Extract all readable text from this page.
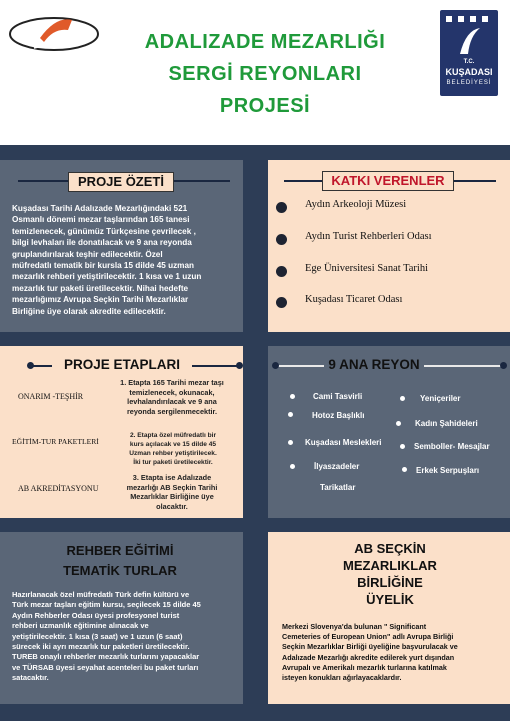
ADALIZADE MEZARLIĞI
SERGİ REYONLARI
PROJESİ
T.C.
KUŞADASI
BELEDİYESİ
PROJE ÖZETİ
Kuşadası Tarihi Adalızade Mezarlığındaki 521
Osmanlı dönemi mezar taşlarından 165 tanesi
temizlenecek, günümüz Türkçesine çevrilecek ,
bilgi levhaları ile donatılacak ve 9 ana reyonda
gruplandırılarak teşhir edilecektir. Özel
müfredatlı tematik bir kursla 15 dilde 45 uzman
mezarlık rehberi yetiştirilecektir. 1 kısa ve 1 uzun
mezarlık tur paketi üretilecektir. Nihai hedefte
mezarlığımız Avrupa Seçkin Tarihi Mezarlıklar
Birliğine üye olarak akredite edilecektir.
KATKI VERENLER
Aydın Arkeoloji Müzesi
Aydın Turist Rehberleri Odası
Ege Üniversitesi Sanat Tarihi
Kuşadası Ticaret Odası
PROJE ETAPLARI
ONARIM -TEŞHİR
1. Etapta 165 Tarihi mezar taşı
temizlenecek, okunacak,
levhalandırılacak ve 9 ana
reyonda sergilenmecektir.
EĞİTİM-TUR PAKETLERİ
2. Etapta özel müfredatlı bir
kurs açılacak ve 15 dilde 45
Uzman rehber yetiştirilecek.
İki tur paketi üretilecektir.
AB AKREDİTASYONU
3. Etapta ise Adalızade
mezarlığı AB Seçkin Tarihi
Mezarlıklar Birliğine üye
olacaktır.
9 ANA REYON
Cami Tasvirli
Hotoz Başlıklı
Kuşadası Meslekleri
İlyaszadeler
Tarikatlar
Yeniçeriler
Kadın Şahideleri
Semboller- Mesajlar
Erkek Serpuşları
REHBER EĞİTİMİ
TEMATİK TURLAR
Hazırlanacak özel müfredatlı Türk defin kültürü ve
Türk mezar taşları eğitim kursu, seçilecek 15 dilde 45
Aydın Rehberler Odası üyesi profesyonel turist
rehberi uzmanlık eğitimine alınacak ve
yetiştirilecektir. 1 kısa (3 saat) ve 1 uzun (6 saat)
sürecek iki ayrı mezarlık tur paketleri üretilecektir.
TUREB onaylı rehberler mezarlık turlarını yapacaklar
ve TÜRSAB üyesi seyahat acenteleri bu paket turları
satacaktır.
AB SEÇKİN
MEZARLIKLAR
BİRLİĞİNE
ÜYELİK
Merkezi Slovenya'da bulunan " Significant
Cemeteries of European Union" adlı Avrupa Birliği
Seçkin Mezarlıklar Birliği üyeliğine başvurulacak ve
Adalızade Mezarlığı akredite edilerek yurt dışından
Avrupalı ve Amerikalı mezarlık turlarına katılmak
isteyen konukları ağırlayacaklardır.
